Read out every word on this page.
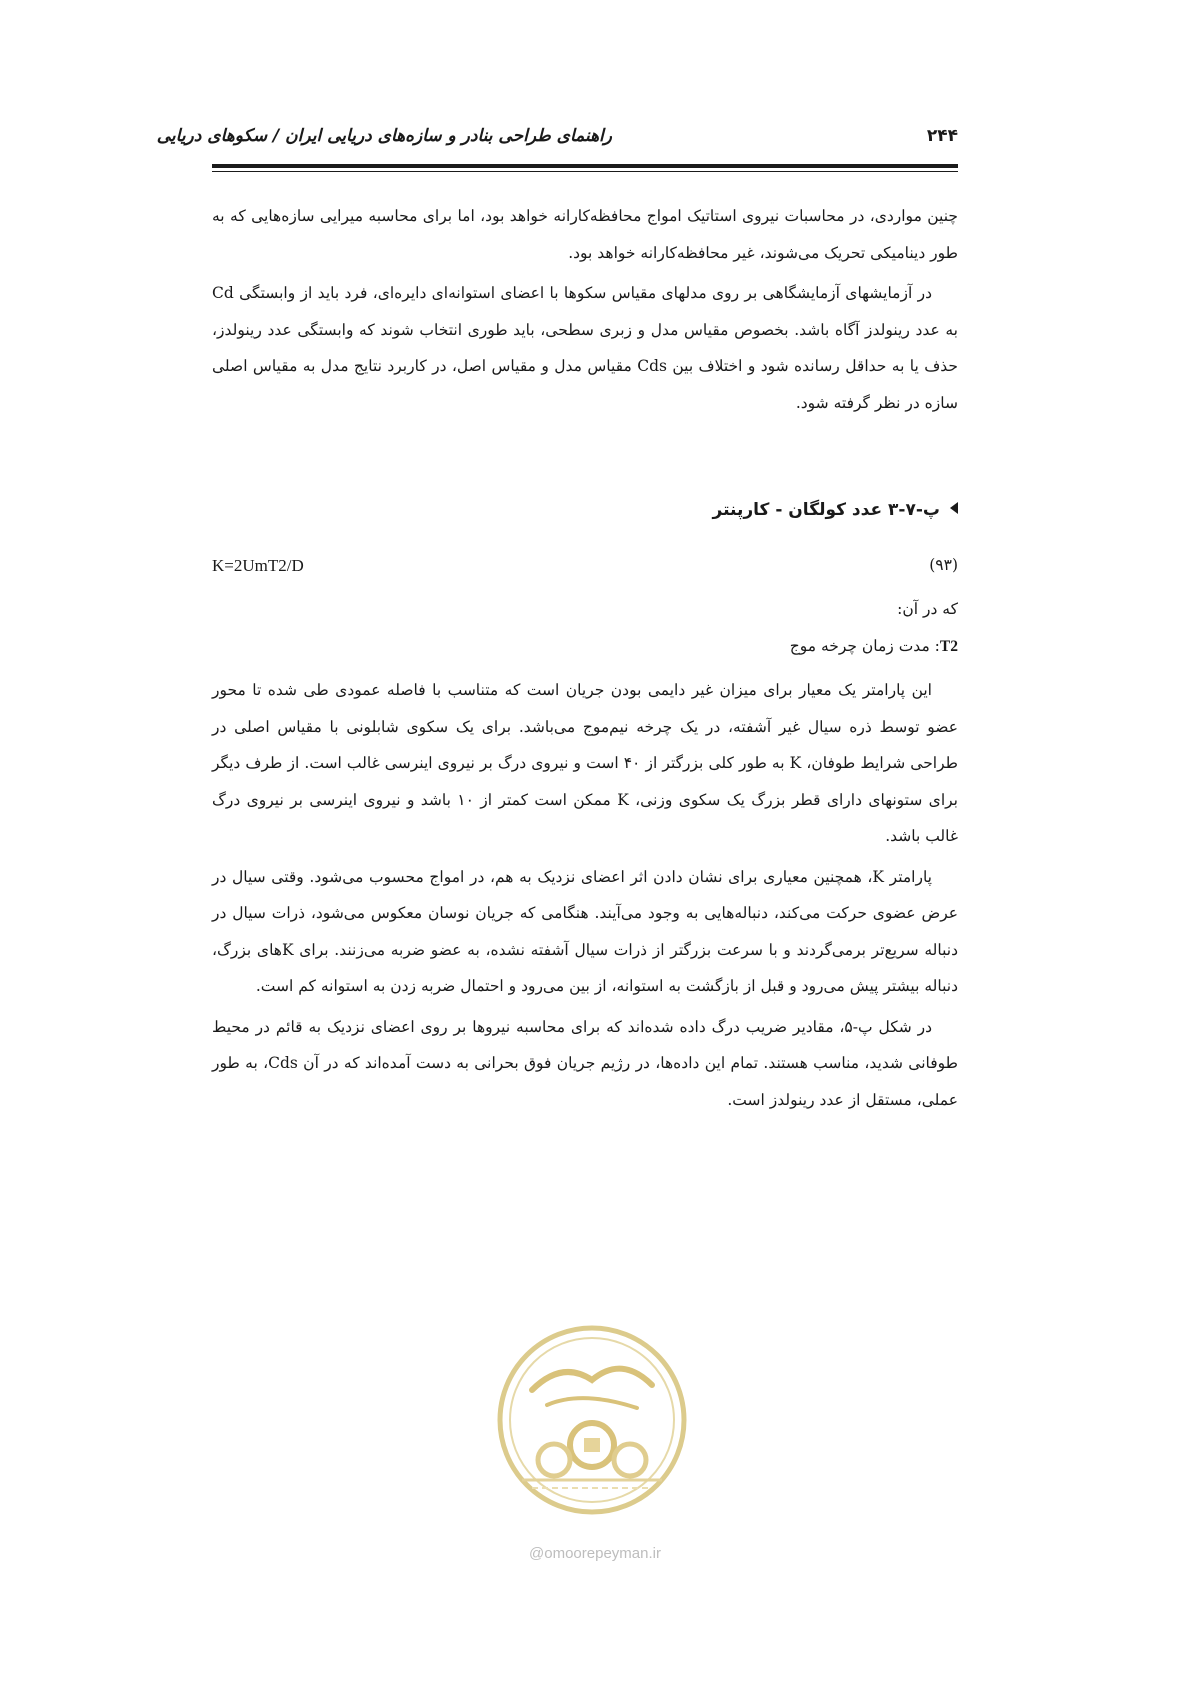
۲۴۴
راهنمای طراحی بنادر و سازه‌های دریایی ایران / سکوهای دریایی

چنین مواردی، در محاسبات نیروی استاتیک امواج محافظه‌کارانه خواهد بود، اما برای محاسبه میرایی سازه‌هایی که به طور دینامیکی تحریک می‌شوند، غیر محافظه‌کارانه خواهد بود.

در آزمایشهای آزمایشگاهی بر روی مدلهای مقیاس سکوها با اعضای استوانه‌ای دایره‌ای، فرد باید از وابستگی Cd به عدد رینولدز آگاه باشد. بخصوص مقیاس مدل و زبری سطحی، باید طوری انتخاب شوند که وابستگی عدد رینولدز، حذف یا به حداقل رسانده شود و اختلاف بین Cds مقیاس مدل و مقیاس اصل، در کاربرد نتایج مدل به مقیاس اصلی سازه در نظر گرفته شود.

پ-۷-۳ عدد کولگان - کارپنتر
(۹۳)
K=2UmT2/D
که در آن:
T2: مدت زمان چرخه موج

این پارامتر یک معیار برای میزان غیر دایمی بودن جریان است که متناسب با فاصله عمودی طی شده تا محور عضو توسط ذره سیال غیر آشفته، در یک چرخه نیم‌موج می‌باشد. برای یک سکوی شابلونی با مقیاس اصلی در طراحی شرایط طوفان، K به طور کلی بزرگتر از ۴۰ است و نیروی درگ بر نیروی اینرسی غالب است. از طرف دیگر برای ستونهای دارای قطر بزرگ یک سکوی وزنی، K ممکن است کمتر از ۱۰ باشد و نیروی اینرسی بر نیروی درگ غالب باشد.

پارامتر K، همچنین معیاری برای نشان دادن اثر اعضای نزدیک به هم، در امواج محسوب می‌شود. وقتی سیال در عرض عضوی حرکت می‌کند، دنباله‌هایی به وجود می‌آیند. هنگامی که جریان نوسان معکوس می‌شود، ذرات سیال در دنباله سریع‌تر برمی‌گردند و با سرعت بزرگتر از ذرات سیال آشفته نشده، به عضو ضربه می‌زنند. برای Kهای بزرگ، دنباله بیشتر پیش می‌رود و قبل از بازگشت به استوانه، از بین می‌رود و احتمال ضربه زدن به استوانه کم است.

در شکل پ-۵، مقادیر ضریب درگ داده شده‌اند که برای محاسبه نیروها بر روی اعضای نزدیک به قائم در محیط طوفانی شدید، مناسب هستند. تمام این داده‌ها، در رژیم جریان فوق بحرانی به دست آمده‌اند که در آن Cds، به طور عملی، مستقل از عدد رینولدز است.

@omoorepeyman.ir
